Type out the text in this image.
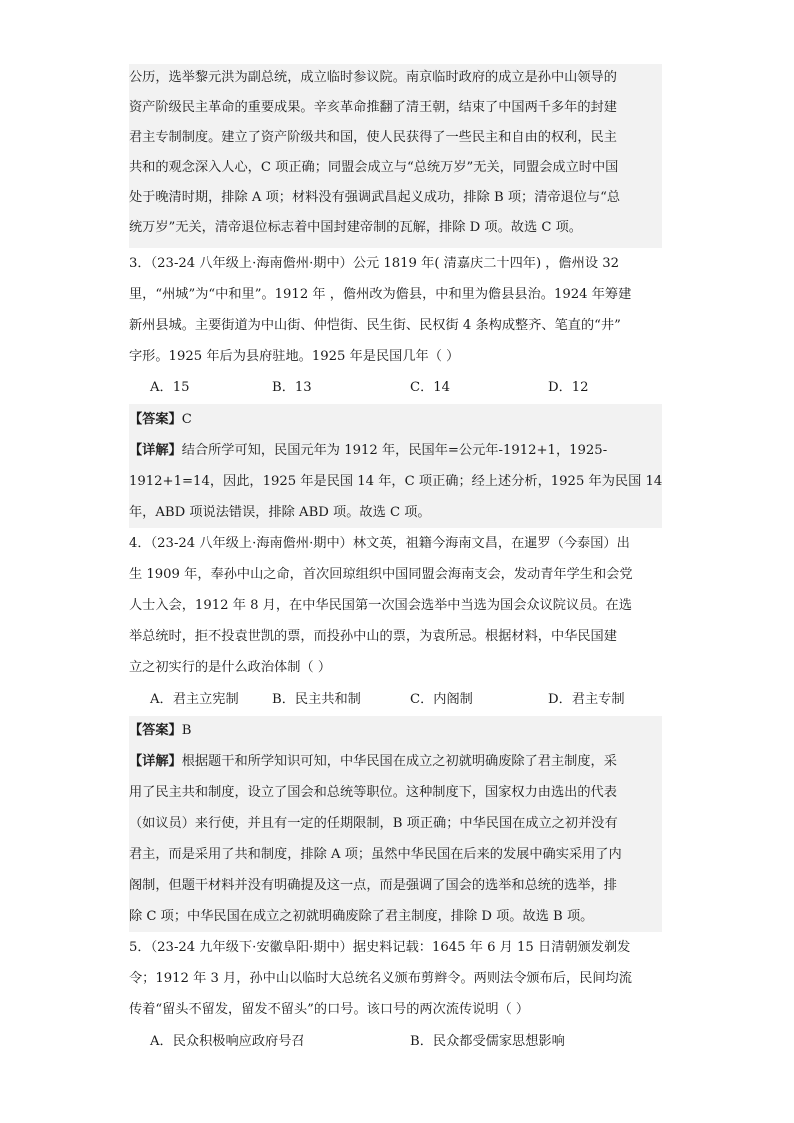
公历，选举黎元洪为副总统，成立临时参议院。南京临时政府的成立是孙中山领导的
资产阶级民主革命的重要成果。辛亥革命推翻了清王朝，结束了中国两千多年的封建
君主专制制度。建立了资产阶级共和国，使人民获得了一些民主和自由的权利，民主
共和的观念深入人心，C 项正确；同盟会成立与“总统万岁”无关，同盟会成立时中国
处于晚清时期，排除 A 项；材料没有强调武昌起义成功，排除 B 项；清帝退位与“总
统万岁”无关，清帝退位标志着中国封建帝制的瓦解，排除 D 项。故选 C 项。
3．（23-24 八年级上·海南儋州·期中）公元 1819 年( 清嘉庆二十四年) ，儋州设 32
里，“州城”为“中和里”。1912 年 ，儋州改为儋县，中和里为儋县县治。1924 年筹建
新州县城。主要街道为中山街、仲恺街、民生街、民权街 4 条构成整齐、笔直的“井”
字形。1925 年后为县府驻地。1925 年是民国几年（ ）
A．15	B．13	C．14	D．12
【答案】C
【详解】结合所学可知，民国元年为 1912 年，民国年=公元年-1912+1，1925-
1912+1=14，因此，1925 年是民国 14 年，C 项正确；经上述分析，1925 年为民国 14
年，ABD 项说法错误，排除 ABD 项。故选 C 项。
4．（23-24 八年级上·海南儋州·期中）林文英，祖籍今海南文昌，在暹罗（今泰国）出
生 1909 年，奉孙中山之命，首次回琼组织中国同盟会海南支会，发动青年学生和会党
人士入会，1912 年 8 月，在中华民国第一次国会选举中当选为国会众议院议员。在选
举总统时，拒不投袁世凯的票，而投孙中山的票，为袁所忌。根据材料，中华民国建
立之初实行的是什么政治体制（ ）
A．君主立宪制	B．民主共和制	C．内阁制	D．君主专制
【答案】B
【详解】根据题干和所学知识可知，中华民国在成立之初就明确废除了君主制度，采
用了民主共和制度，设立了国会和总统等职位。这种制度下，国家权力由选出的代表
（如议员）来行使，并且有一定的任期限制，B 项正确；中华民国在成立之初并没有
君主，而是采用了共和制度，排除 A 项；虽然中华民国在后来的发展中确实采用了内
阁制，但题干材料并没有明确提及这一点，而是强调了国会的选举和总统的选举，排
除 C 项；中华民国在成立之初就明确废除了君主制度，排除 D 项。故选 B 项。
5．（23-24 九年级下·安徽阜阳·期中）据史料记载：1645 年 6 月 15 日清朝颁发剃发
令；1912 年 3 月，孙中山以临时大总统名义颁布剪辫令。两则法令颁布后，民间均流
传着“留头不留发，留发不留头”的口号。该口号的两次流传说明（ ）
A．民众积极响应政府号召	B．民众都受儒家思想影响
